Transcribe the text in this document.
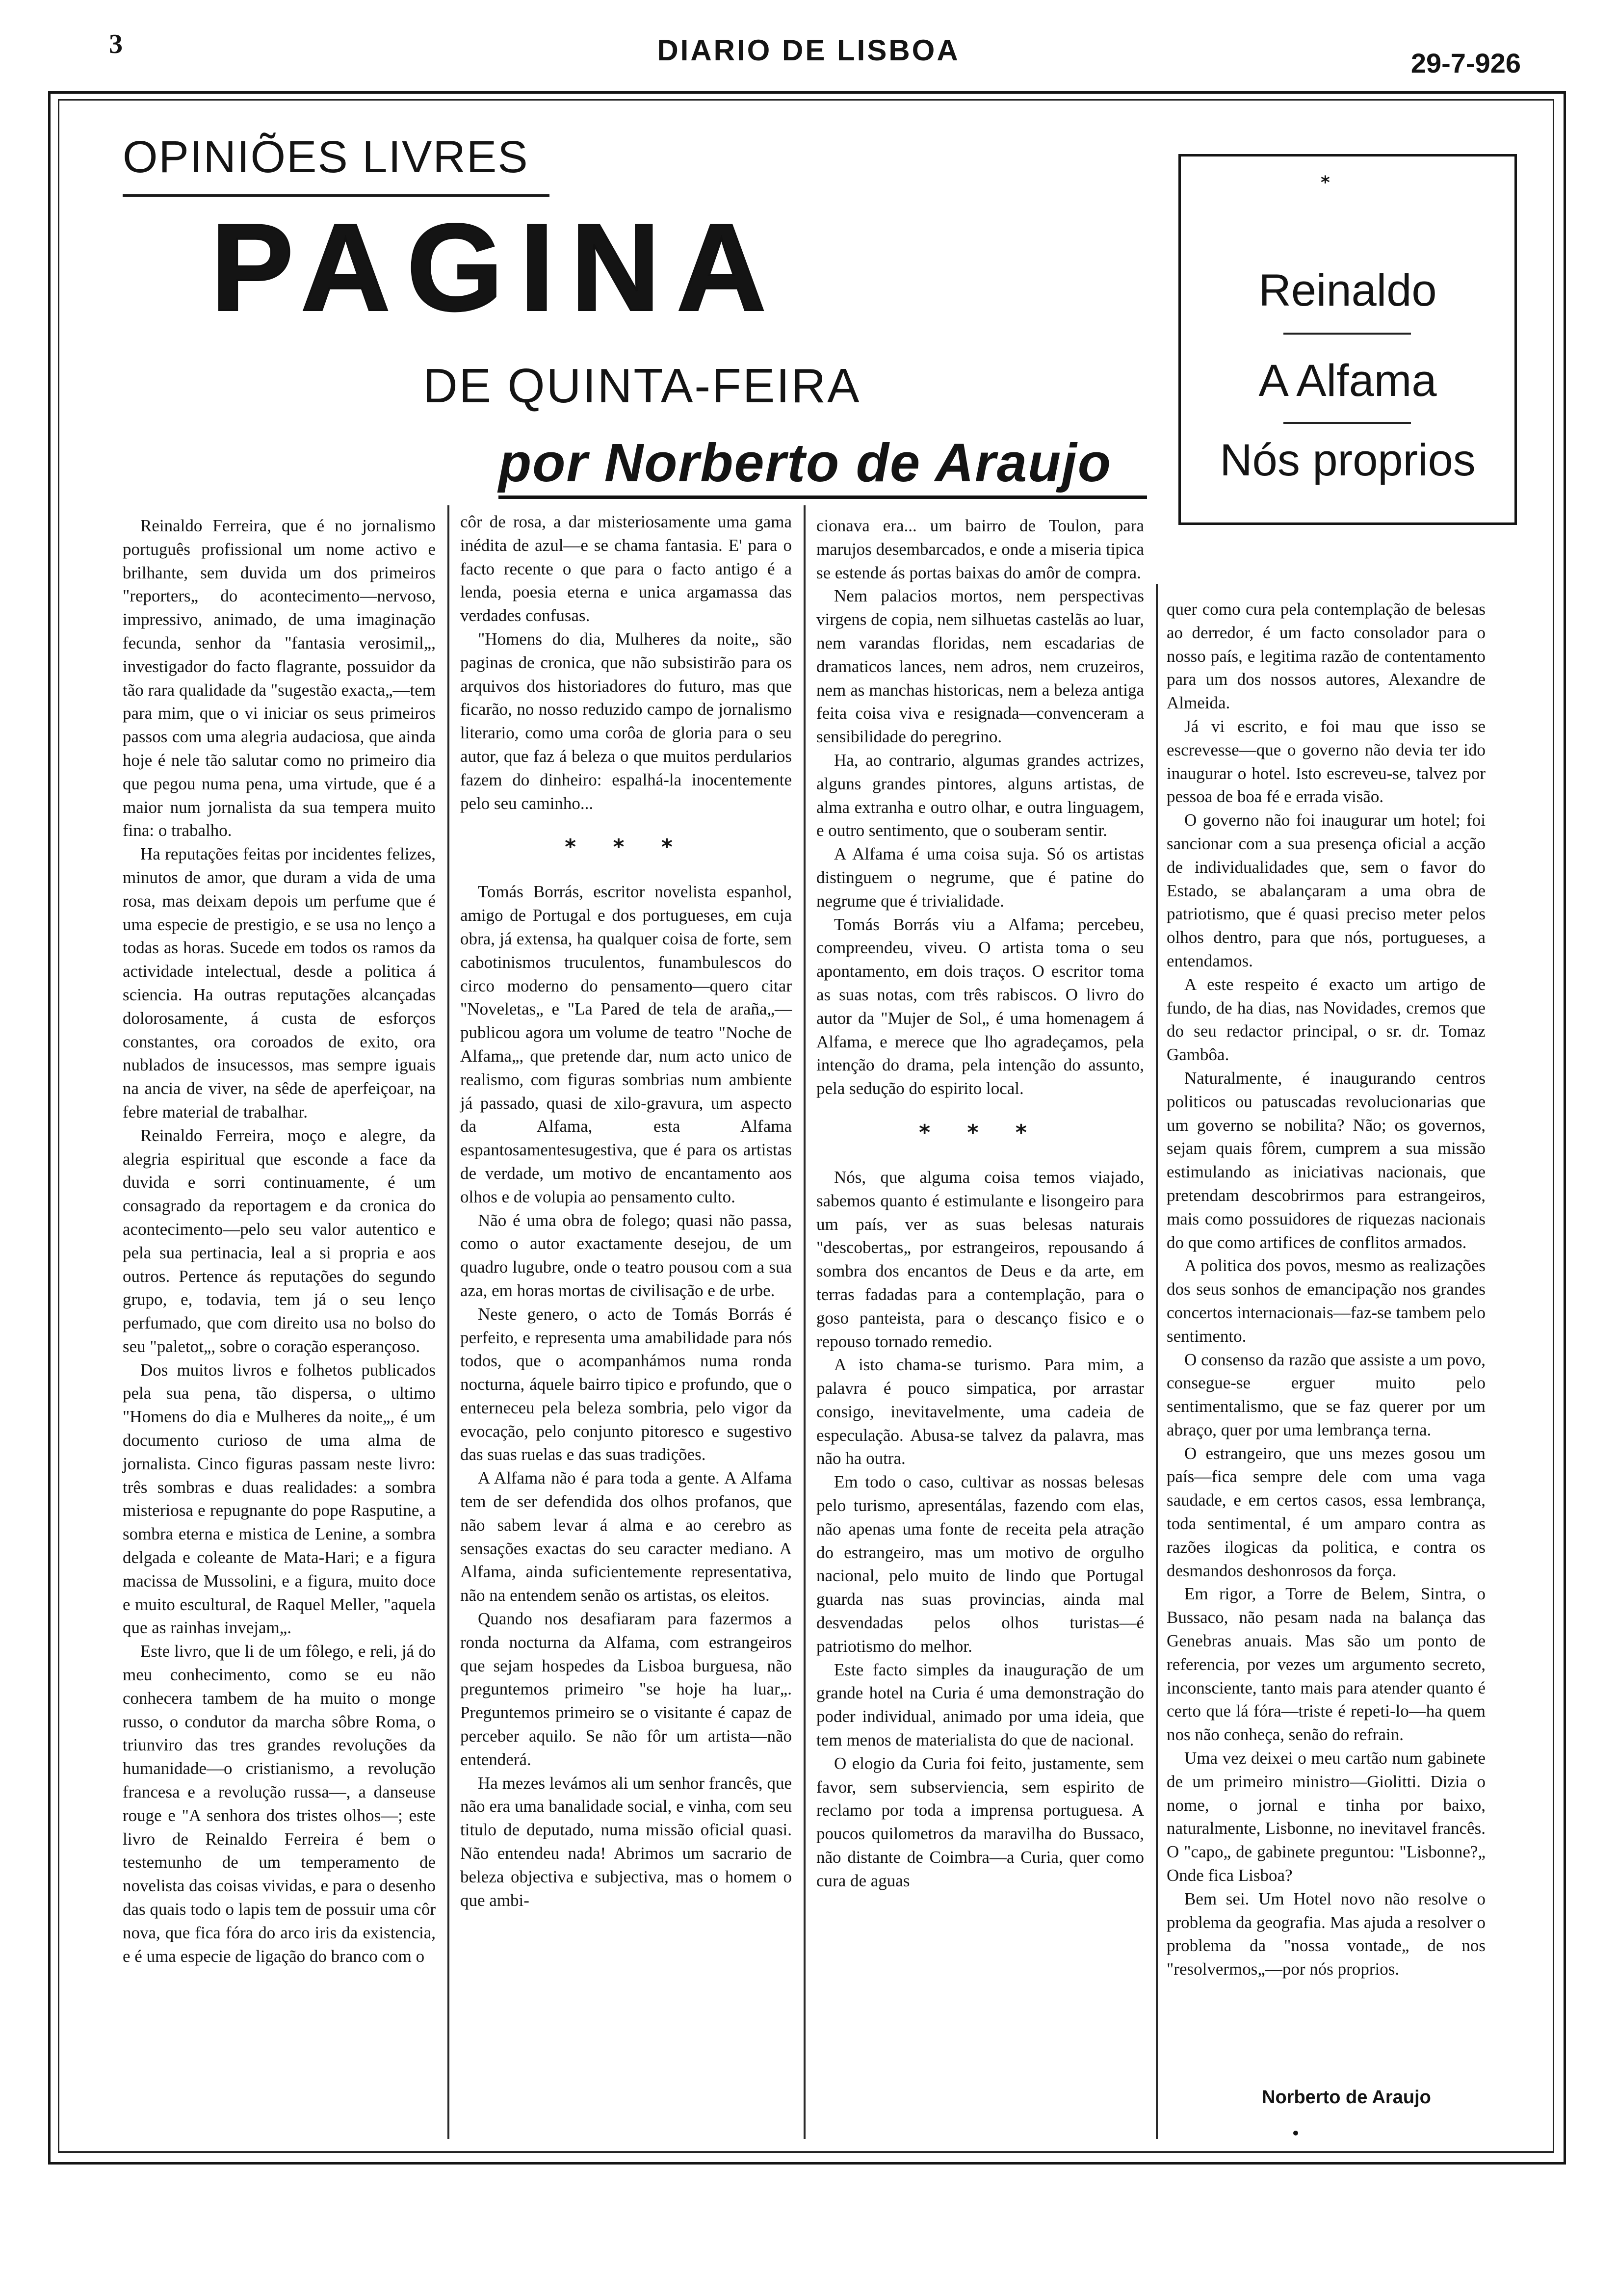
3	DIARIO DE LISBOA	29-7-926
OPINIÕES LIVRES
PAGINA
DE QUINTA-FEIRA
por Norberto de Araujo
*
Reinaldo
A Alfama
Nós proprios

Reinaldo Ferreira, que é no jornalismo português profissional um nome activo e brilhante, sem duvida um dos primeiros "reporters„ do acontecimento—nervoso, impressivo, animado, de uma imaginação fecunda, senhor da "fantasia verosimil„, investigador do facto flagrante, possuidor da tão rara qualidade da "sugestão exacta„—tem para mim, que o vi iniciar os seus primeiros passos com uma alegria audaciosa, que ainda hoje é nele tão salutar como no primeiro dia que pegou numa pena, uma virtude, que é a maior num jornalista da sua tempera muito fina: o trabalho.

Ha reputações feitas por incidentes felizes, minutos de amor, que duram a vida de uma rosa, mas deixam depois um perfume que é uma especie de prestigio, e se usa no lenço a todas as horas. Sucede em todos os ramos da actividade intelectual, desde a politica á sciencia. Ha outras reputações alcançadas dolorosamente, á custa de esforços constantes, ora coroados de exito, ora nublados de insucessos, mas sempre iguais na ancia de viver, na sêde de aperfeiçoar, na febre material de trabalhar.

Reinaldo Ferreira, moço e alegre, da alegria espiritual que esconde a face da duvida e sorri continuamente, é um consagrado da reportagem e da cronica do acontecimento—pelo seu valor autentico e pela sua pertinacia, leal a si propria e aos outros. Pertence ás reputações do segundo grupo, e, todavia, tem já o seu lenço perfumado, que com direito usa no bolso do seu "paletot„, sobre o coração esperançoso.

Dos muitos livros e folhetos publicados pela sua pena, tão dispersa, o ultimo "Homens do dia e Mulheres da noite„, é um documento curioso de uma alma de jornalista. Cinco figuras passam neste livro: três sombras e duas realidades: a sombra misteriosa e repugnante do pope Rasputine, a sombra eterna e mistica de Lenine, a sombra delgada e coleante de Mata-Hari; e a figura macissa de Mussolini, e a figura, muito doce e muito escultural, de Raquel Meller, "aquela que as rainhas invejam„.

Este livro, que li de um fôlego, e reli, já do meu conhecimento, como se eu não conhecera tambem de ha muito o monge russo, o condutor da marcha sôbre Roma, o triunviro das tres grandes revoluções da humanidade—o cristianismo, a revolução francesa e a revolução russa—, a danseuse rouge e "A senhora dos tristes olhos—; este livro de Reinaldo Ferreira é bem o testemunho de um temperamento de novelista das coisas vividas, e para o desenho das quais todo o lapis tem de possuir uma côr nova, que fica fóra do arco iris da existencia, e é uma especie de ligação do branco com o

côr de rosa, a dar misteriosamente uma gama inédita de azul—e se chama fantasia. E' para o facto recente o que para o facto antigo é a lenda, poesia eterna e unica argamassa das verdades confusas.

"Homens do dia, Mulheres da noite„ são paginas de cronica, que não subsistirão para os arquivos dos historiadores do futuro, mas que ficarão, no nosso reduzido campo de jornalismo literario, como uma corôa de gloria para o seu autor, que faz á beleza o que muitos perdularios fazem do dinheiro: espalhá-la inocentemente pelo seu caminho...

* * *

Tomás Borrás, escritor novelista espanhol, amigo de Portugal e dos portugueses, em cuja obra, já extensa, ha qualquer coisa de forte, sem cabotinismos truculentos, funambulescos do circo moderno do pensamento—quero citar "Noveletas„ e "La Pared de tela de araña„—publicou agora um volume de teatro "Noche de Alfama„, que pretende dar, num acto unico de realismo, com figuras sombrias num ambiente já passado, quasi de xilo-gravura, um aspecto da Alfama, esta Alfama espantosamentesugestiva, que é para os artistas de verdade, um motivo de encantamento aos olhos e de volupia ao pensamento culto.

Não é uma obra de folego; quasi não passa, como o autor exactamente desejou, de um quadro lugubre, onde o teatro pousou com a sua aza, em horas mortas de civilisação e de urbe.

Neste genero, o acto de Tomás Borrás é perfeito, e representa uma amabilidade para nós todos, que o acompanhámos numa ronda nocturna, áquele bairro tipico e profundo, que o enterneceu pela beleza sombria, pelo vigor da evocação, pelo conjunto pitoresco e sugestivo das suas ruelas e das suas tradições.

A Alfama não é para toda a gente. A Alfama tem de ser defendida dos olhos profanos, que não sabem levar á alma e ao cerebro as sensações exactas do seu caracter mediano. A Alfama, ainda suficientemente representativa, não na entendem senão os artistas, os eleitos.

Quando nos desafiaram para fazermos a ronda nocturna da Alfama, com estrangeiros que sejam hospedes da Lisboa burguesa, não preguntemos primeiro "se hoje ha luar„. Preguntemos primeiro se o visitante é capaz de perceber aquilo. Se não fôr um artista—não entenderá.

Ha mezes levámos ali um senhor francês, que não era uma banalidade social, e vinha, com seu titulo de deputado, numa missão oficial quasi. Não entendeu nada! Abrimos um sacrario de beleza objectiva e subjectiva, mas o homem o que ambi-

cionava era... um bairro de Toulon, para marujos desembarcados, e onde a miseria tipica se estende ás portas baixas do amôr de compra.

Nem palacios mortos, nem perspectivas virgens de copia, nem silhuetas castelãs ao luar, nem varandas floridas, nem escadarias de dramaticos lances, nem adros, nem cruzeiros, nem as manchas historicas, nem a beleza antiga feita coisa viva e resignada—convenceram a sensibilidade do peregrino.

Ha, ao contrario, algumas grandes actrizes, alguns grandes pintores, alguns artistas, de alma extranha e outro olhar, e outra linguagem, e outro sentimento, que o souberam sentir.

A Alfama é uma coisa suja. Só os artistas distinguem o negrume, que é patine do negrume que é trivialidade.

Tomás Borrás viu a Alfama; percebeu, compreendeu, viveu. O artista toma o seu apontamento, em dois traços. O escritor toma as suas notas, com três rabiscos. O livro do autor da "Mujer de Sol„ é uma homenagem á Alfama, e merece que lho agradeçamos, pela intenção do drama, pela intenção do assunto, pela sedução do espirito local.

* * *

Nós, que alguma coisa temos viajado, sabemos quanto é estimulante e lisongeiro para um país, ver as suas belesas naturais "descobertas„ por estrangeiros, repousando á sombra dos encantos de Deus e da arte, em terras fadadas para a contemplação, para o goso panteista, para o descanço fisico e o repouso tornado remedio.

A isto chama-se turismo. Para mim, a palavra é pouco simpatica, por arrastar consigo, inevitavelmente, uma cadeia de especulação. Abusa-se talvez da palavra, mas não ha outra.

Em todo o caso, cultivar as nossas belesas pelo turismo, apresentálas, fazendo com elas, não apenas uma fonte de receita pela atração do estrangeiro, mas um motivo de orgulho nacional, pelo muito de lindo que Portugal guarda nas suas provincias, ainda mal desvendadas pelos olhos turistas—é patriotismo do melhor.

Este facto simples da inauguração de um grande hotel na Curia é uma demonstração do poder individual, animado por uma ideia, que tem menos de materialista do que de nacional.

O elogio da Curia foi feito, justamente, sem favor, sem subserviencia, sem espirito de reclamo por toda a imprensa portuguesa. A poucos quilometros da maravilha do Bussaco, não distante de Coimbra—a Curia, quer como cura de aguas

quer como cura pela contemplação de belesas ao derredor, é um facto consolador para o nosso país, e legitima razão de contentamento para um dos nossos autores, Alexandre de Almeida.

Já vi escrito, e foi mau que isso se escrevesse—que o governo não devia ter ido inaugurar o hotel. Isto escreveu-se, talvez por pessoa de boa fé e errada visão.

O governo não foi inaugurar um hotel; foi sancionar com a sua presença oficial a acção de individualidades que, sem o favor do Estado, se abalançaram a uma obra de patriotismo, que é quasi preciso meter pelos olhos dentro, para que nós, portugueses, a entendamos.

A este respeito é exacto um artigo de fundo, de ha dias, nas Novidades, cremos que do seu redactor principal, o sr. dr. Tomaz Gambôa.

Naturalmente, é inaugurando centros politicos ou patuscadas revolucionarias que um governo se nobilita? Não; os governos, sejam quais fôrem, cumprem a sua missão estimulando as iniciativas nacionais, que pretendam descobrirmos para estrangeiros, mais como possuidores de riquezas nacionais do que como artifices de conflitos armados.

A politica dos povos, mesmo as realizações dos seus sonhos de emancipação nos grandes concertos internacionais—faz-se tambem pelo sentimento.

O consenso da razão que assiste a um povo, consegue-se erguer muito pelo sentimentalismo, que se faz querer por um abraço, quer por uma lembrança terna.

O estrangeiro, que uns mezes gosou um país—fica sempre dele com uma vaga saudade, e em certos casos, essa lembrança, toda sentimental, é um amparo contra as razões ilogicas da politica, e contra os desmandos deshonrosos da força.

Em rigor, a Torre de Belem, Sintra, o Bussaco, não pesam nada na balança das Genebras anuais. Mas são um ponto de referencia, por vezes um argumento secreto, inconsciente, tanto mais para atender quanto é certo que lá fóra—triste é repeti-lo—ha quem nos não conheça, senão do refrain.

Uma vez deixei o meu cartão num gabinete de um primeiro ministro—Giolitti. Dizia o nome, o jornal e tinha por baixo, naturalmente, Lisbonne, no inevitavel francês. O "capo„ de gabinete preguntou: "Lisbonne?„ Onde fica Lisboa?

Bem sei. Um Hotel novo não resolve o problema da geografia. Mas ajuda a resolver o problema da "nossa vontade„ de nos "resolvermos„—por nós proprios.

Norberto de Araujo
•
